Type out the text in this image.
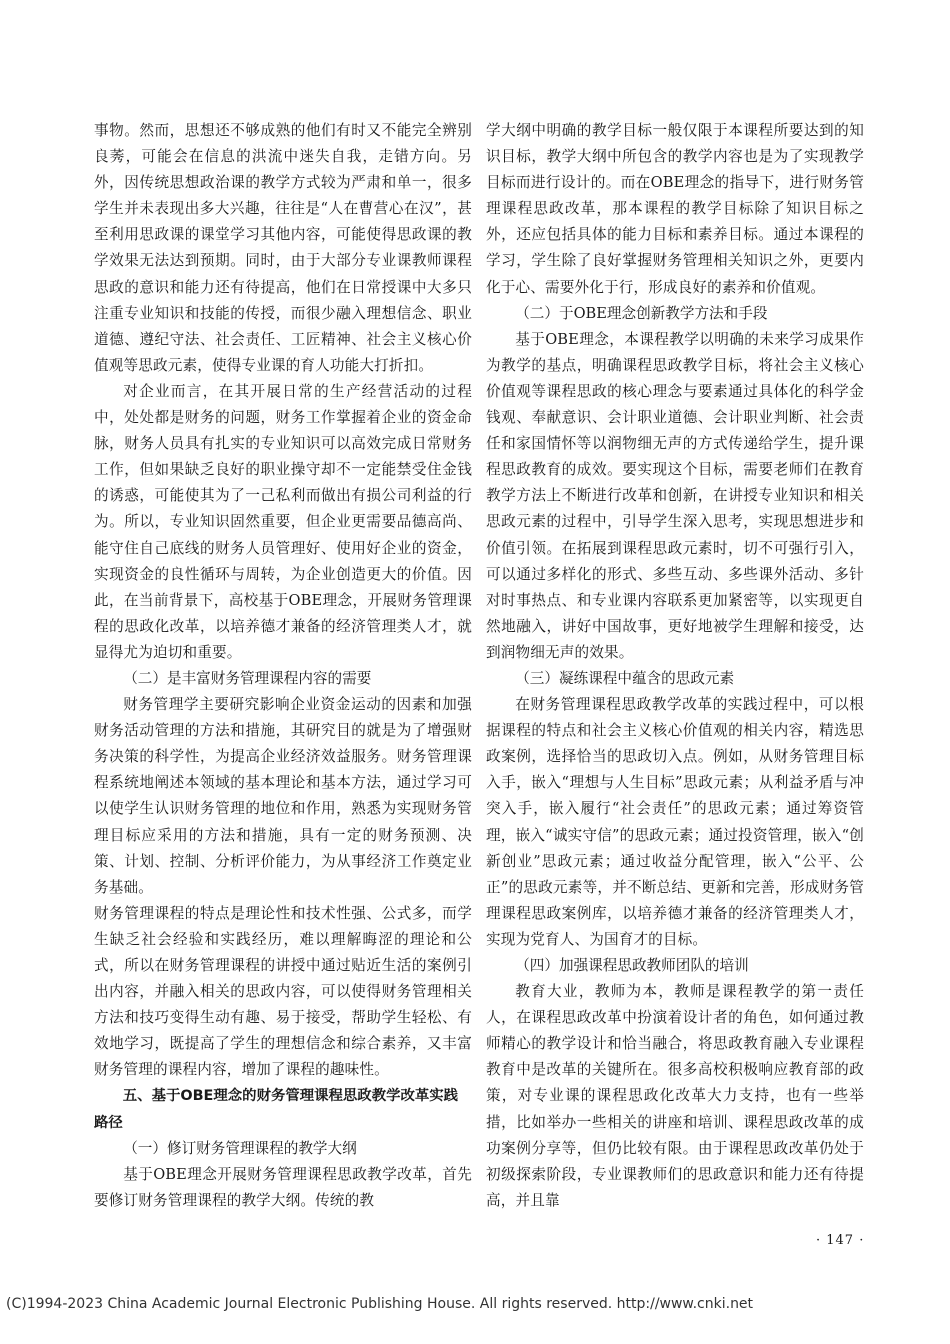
事物。然而，思想还不够成熟的他们有时又不能完全辨别良莠，可能会在信息的洪流中迷失自我，走错方向。另外，因传统思想政治课的教学方式较为严肃和单一，很多学生并未表现出多大兴趣，往往是“人在曹营心在汉”，甚至利用思政课的课堂学习其他内容，可能使得思政课的教学效果无法达到预期。同时，由于大部分专业课教师课程思政的意识和能力还有待提高，他们在日常授课中大多只注重专业知识和技能的传授，而很少融入理想信念、职业道德、遵纪守法、社会责任、工匠精神、社会主义核心价值观等思政元素，使得专业课的育人功能大打折扣。

对企业而言，在其开展日常的生产经营活动的过程中，处处都是财务的问题，财务工作掌握着企业的资金命脉，财务人员具有扎实的专业知识可以高效完成日常财务工作，但如果缺乏良好的职业操守却不一定能禁受住金钱的诱惑，可能使其为了一己私利而做出有损公司利益的行为。所以，专业知识固然重要，但企业更需要品德高尚、能守住自己底线的财务人员管理好、使用好企业的资金，实现资金的良性循环与周转，为企业创造更大的价值。因此，在当前背景下，高校基于OBE理念，开展财务管理课程的思政化改革，以培养德才兼备的经济管理类人才，就显得尤为迫切和重要。

（二）是丰富财务管理课程内容的需要

财务管理学主要研究影响企业资金运动的因素和加强财务活动管理的方法和措施，其研究目的就是为了增强财务决策的科学性，为提高企业经济效益服务。财务管理课程系统地阐述本领域的基本理论和基本方法，通过学习可以使学生认识财务管理的地位和作用，熟悉为实现财务管理目标应采用的方法和措施，具有一定的财务预测、决策、计划、控制、分析评价能力，为从事经济工作奠定业务基础。

财务管理课程的特点是理论性和技术性强、公式多，而学生缺乏社会经验和实践经历，难以理解晦涩的理论和公式，所以在财务管理课程的讲授中通过贴近生活的案例引出内容，并融入相关的思政内容，可以使得财务管理相关方法和技巧变得生动有趣、易于接受，帮助学生轻松、有效地学习，既提高了学生的理想信念和综合素养，又丰富财务管理的课程内容，增加了课程的趣味性。

五、基于OBE理念的财务管理课程思政教学改革实践路径

（一）修订财务管理课程的教学大纲

基于OBE理念开展财务管理课程思政教学改革，首先要修订财务管理课程的教学大纲。传统的教

学大纲中明确的教学目标一般仅限于本课程所要达到的知识目标，教学大纲中所包含的教学内容也是为了实现教学目标而进行设计的。而在OBE理念的指导下，进行财务管理课程思政改革，那本课程的教学目标除了知识目标之外，还应包括具体的能力目标和素养目标。通过本课程的学习，学生除了良好掌握财务管理相关知识之外，更要内化于心、需要外化于行，形成良好的素养和价值观。

（二）于OBE理念创新教学方法和手段

基于OBE理念，本课程教学以明确的未来学习成果作为教学的基点，明确课程思政教学目标，将社会主义核心价值观等课程思政的核心理念与要素通过具体化的科学金钱观、奉献意识、会计职业道德、会计职业判断、社会责任和家国情怀等以润物细无声的方式传递给学生，提升课程思政教育的成效。要实现这个目标，需要老师们在教育教学方法上不断进行改革和创新，在讲授专业知识和相关思政元素的过程中，引导学生深入思考，实现思想进步和价值引领。在拓展到课程思政元素时，切不可强行引入，可以通过多样化的形式、多些互动、多些课外活动、多针对时事热点、和专业课内容联系更加紧密等，以实现更自然地融入，讲好中国故事，更好地被学生理解和接受，达到润物细无声的效果。

（三）凝练课程中蕴含的思政元素

在财务管理课程思政教学改革的实践过程中，可以根据课程的特点和社会主义核心价值观的相关内容，精选思政案例，选择恰当的思政切入点。例如，从财务管理目标入手，嵌入“理想与人生目标”思政元素；从利益矛盾与冲突入手，嵌入履行“社会责任”的思政元素；通过筹资管理，嵌入“诚实守信”的思政元素；通过投资管理，嵌入“创新创业”思政元素；通过收益分配管理，嵌入“公平、公正”的思政元素等，并不断总结、更新和完善，形成财务管理课程思政案例库，以培养德才兼备的经济管理类人才，实现为党育人、为国育才的目标。

（四）加强课程思政教师团队的培训

教育大业，教师为本，教师是课程教学的第一责任人，在课程思政改革中扮演着设计者的角色，如何通过教师精心的教学设计和恰当融合，将思政教育融入专业课程教育中是改革的关键所在。很多高校积极响应教育部的政策，对专业课的课程思政化改革大力支持，也有一些举措，比如举办一些相关的讲座和培训、课程思政改革的成功案例分享等，但仍比较有限。由于课程思政改革仍处于初级探索阶段，专业课教师们的思政意识和能力还有待提高，并且靠

· 147 ·
(C)1994-2023 China Academic Journal Electronic Publishing House. All rights reserved. http://www.cnki.net
